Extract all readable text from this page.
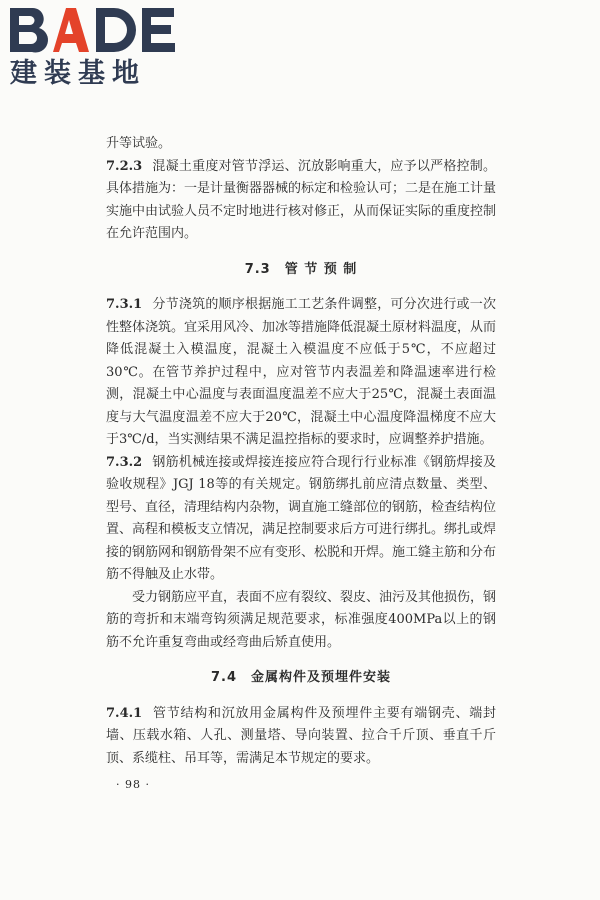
建装基地

升等试验。

7.2.3 混凝土重度对管节浮运、沉放影响重大，应予以严格控制。具体措施为：一是计量衡器器械的标定和检验认可；二是在施工计量实施中由试验人员不定时地进行核对修正，从而保证实际的重度控制在允许范围内。

7.3 管 节 预 制

7.3.1 分节浇筑的顺序根据施工工艺条件调整，可分次进行或一次性整体浇筑。宜采用风冷、加冰等措施降低混凝土原材料温度，从而降低混凝土入模温度，混凝土入模温度不应低于5℃，不应超过30℃。在管节养护过程中，应对管节内表温差和降温速率进行检测，混凝土中心温度与表面温度温差不应大于25℃，混凝土表面温度与大气温度温差不应大于20℃，混凝土中心温度降温梯度不应大于3℃/d，当实测结果不满足温控指标的要求时，应调整养护措施。

7.3.2 钢筋机械连接或焊接连接应符合现行行业标准《钢筋焊接及验收规程》JGJ 18等的有关规定。钢筋绑扎前应清点数量、类型、型号、直径，清理结构内杂物，调直施工缝部位的钢筋，检查结构位置、高程和模板支立情况，满足控制要求后方可进行绑扎。绑扎或焊接的钢筋网和钢筋骨架不应有变形、松脱和开焊。施工缝主筋和分布筋不得触及止水带。

受力钢筋应平直，表面不应有裂纹、裂皮、油污及其他损伤，钢筋的弯折和末端弯钩须满足规范要求，标准强度400MPa以上的钢筋不允许重复弯曲或经弯曲后矫直使用。

7.4 金属构件及预埋件安装

7.4.1 管节结构和沉放用金属构件及预埋件主要有端钢壳、端封墙、压载水箱、人孔、测量塔、导向装置、拉合千斤顶、垂直千斤顶、系缆柱、吊耳等，需满足本节规定的要求。

· 98 ·
